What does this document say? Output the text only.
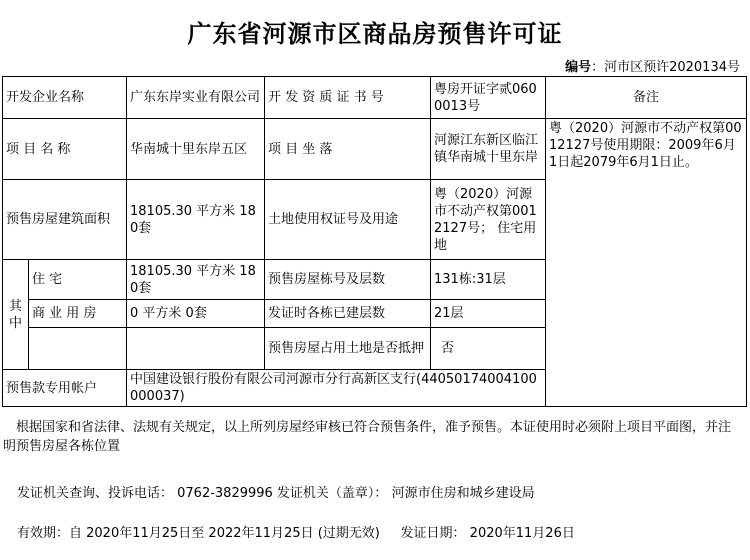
广东省河源市区商品房预售许可证
编号：河市区预许2020134号
开发企业名称		广东东岸实业有限公司	开 发 资 质 证 书 号	粤房开证字贰0600013号	备注
项 目 名 称		华南城十里东岸五区	项 目 坐 落	河源江东新区临江镇华南城十里东岸	粤（2020）河源市不动产权第0012127号使用期限：2009年6月1日起2079年6月1日止。
预售房屋建筑面积		18105.30 平方米 180套	土地使用权证号及用途	粤（2020）河源市不动产权第0012127号； 住宅用地	
其中	住 宅	18105.30 平方米 180套	预售房屋栋号及层数	131栋:31层	
	商 业 用 房	0 平方米 0套	发证时各栋已建层数	21层	
			预售房屋占用土地是否抵押	否	
预售款专用帐户		中国建设银行股份有限公司河源市分行高新区支行(44050174004100000037)			
根据国家和省法律、法规有关规定，以上所列房屋经审核已符合预售条件，准予预售。本证使用时必须附上项目平面图，并注明预售房屋各栋位置
发证机关查询、投诉电话： 0762-3829996 发证机关（盖章）： 河源市住房和城乡建设局
有效期：自 2020年11月25日至 2022年11月25日 (过期无效)     发证日期： 2020年11月26日
